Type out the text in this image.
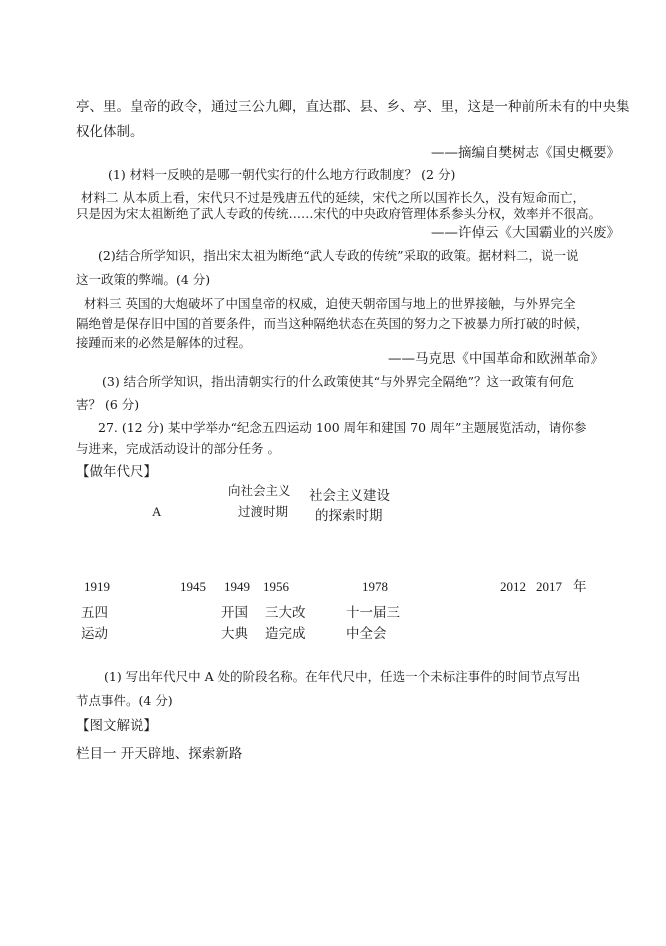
亭、里。皇帝的政令，通过三公九卿，直达郡、县、乡、亭、里，这是一种前所未有的中央集
权化体制。
——摘编自樊树志《国史概要》
(1) 材料一反映的是哪一朝代实行的什么地方行政制度？ (2 分)
材料二 从本质上看，宋代只不过是残唐五代的延续，宋代之所以国祚长久，没有短命而亡，
只是因为宋太祖断绝了武人专政的传统……宋代的中央政府管理体系参头分权，效率并不很高。
——许倬云《大国霸业的兴废》
(2)结合所学知识，指出宋太祖为断绝“武人专政的传统”采取的政策。据材料二，说一说
这一政策的弊端。(4 分)
材料三 英国的大炮破坏了中国皇帝的权威，迫使天朝帝国与地上的世界接触，与外界完全
隔绝曾是保存旧中国的首要条件，而当这种隔绝状态在英国的努力之下被暴力所打破的时候，
接踵而来的必然是解体的过程。
——马克思《中国革命和欧洲革命》
(3) 结合所学知识，指出清朝实行的什么政策使其“与外界完全隔绝”？这一政策有何危
害？ (6 分)
27. (12 分) 某中学举办“纪念五四运动 100 周年和建国 70 周年”主题展览活动，请你参
与进来，完成活动设计的部分任务 。
【做年代尺】
向社会主义
过渡时期
社会主义建设
的探索时期
A
1919	1945 1949 1956	1978	2012 2017 年
五四
运动
开国
大典
三大改
造完成
十一届三
中全会
(1) 写出年代尺中 A 处的阶段名称。在年代尺中，任选一个未标注事件的时间节点写出
节点事件。(4 分)
【图文解说】
栏目一 开天辟地、探索新路
